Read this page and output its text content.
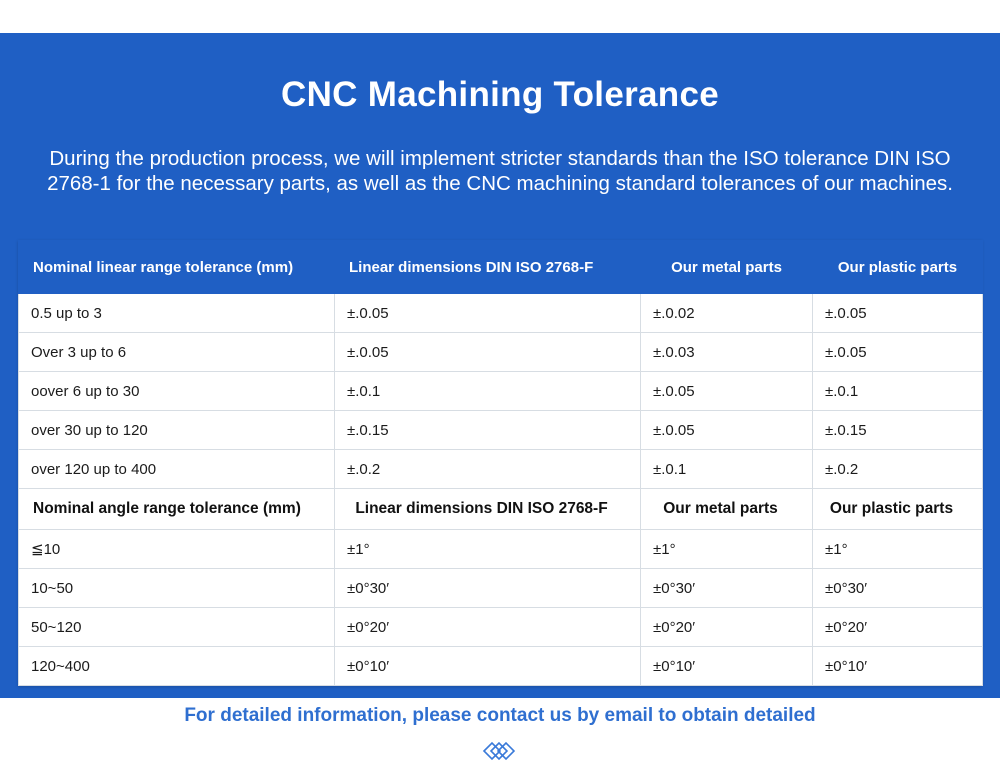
CNC Machining Tolerance
During the production process, we will implement stricter standards than the ISO tolerance DIN ISO 2768-1 for the necessary parts, as well as the CNC machining standard tolerances of our machines.
Nominal linear range tolerance (mm)	Linear dimensions DIN ISO 2768-F	Our metal parts	Our plastic parts
0.5 up to 3	±.0.05	±.0.02	±.0.05
Over 3 up to 6	±.0.05	±.0.03	±.0.05
oover 6 up to 30	±.0.1	±.0.05	±.0.1
over 30 up to 120	±.0.15	±.0.05	±.0.15
over 120 up to 400	±.0.2	±.0.1	±.0.2
Nominal angle range tolerance (mm)	Linear dimensions DIN ISO 2768-F	Our metal parts	Our plastic parts
≦10	±1°	±1°	±1°
10~50	±0°30′	±0°30′	±0°30′
50~120	±0°20′	±0°20′	±0°20′
120~400	±0°10′	±0°10′	±0°10′
For detailed information, please contact us by email to obtain detailed
